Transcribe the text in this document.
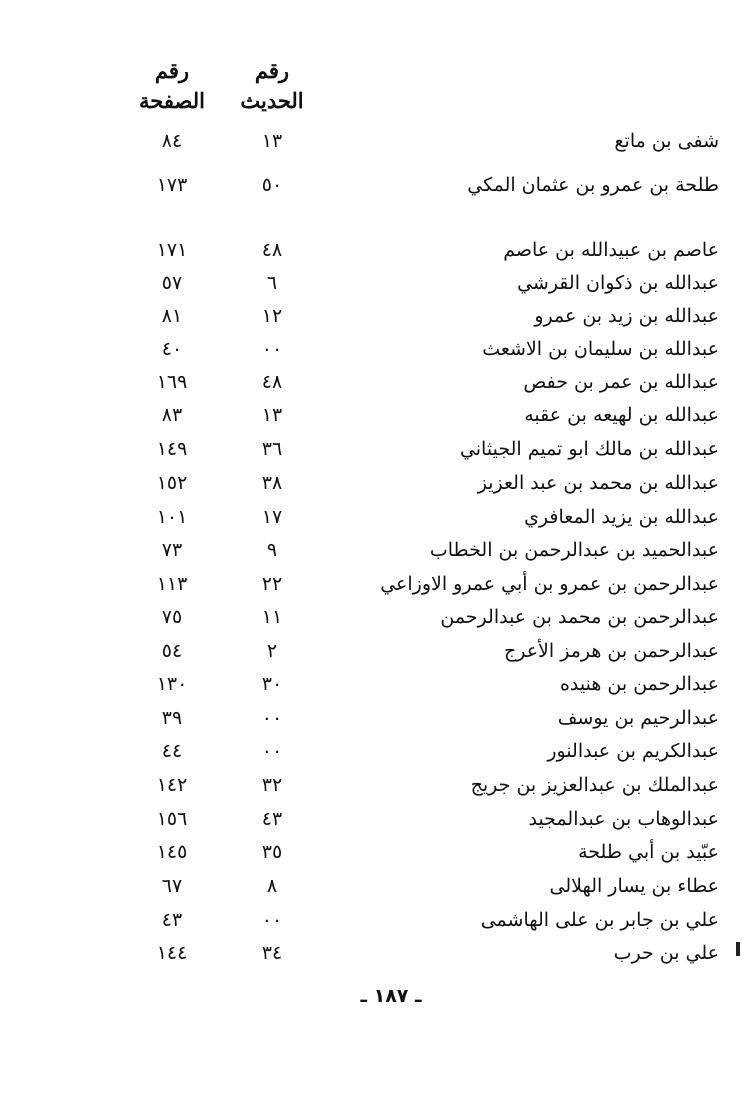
رقم
الحديث
رقم
الصفحة
شفى بن ماتع
١٣
٨٤
طلحة بن عمرو بن عثمان المكي
٥٠
١٧٣
عاصم بن عبيدالله بن عاصم
٤٨
١٧١
عبدالله بن ذكوان القرشي
٦
٥٧
عبدالله بن زيد بن عمرو
١٢
٨١
عبدالله بن سليمان بن الاشعث
٠٠
٤٠
عبدالله بن عمر بن حفص
٤٨
١٦٩
عبدالله بن لهيعه بن عقبه
١٣
٨٣
عبدالله بن مالك ابو تميم الجيثاني
٣٦
١٤٩
عبدالله بن محمد بن عبد العزيز
٣٨
١٥٢
عبدالله بن يزيد المعافري
١٧
١٠١
عبدالحميد بن عبدالرحمن بن الخطاب
٩
٧٣
عبدالرحمن بن عمرو بن أبي عمرو الاوزاعي
٢٢
١١٣
عبدالرحمن بن محمد بن عبدالرحمن
١١
٧٥
عبدالرحمن بن هرمز الأعرج
٢
٥٤
عبدالرحمن بن هنيده
٣٠
١٣٠
عبدالرحيم بن يوسف
٠٠
٣٩
عبدالكريم بن عبدالنور
٠٠
٤٤
عبدالملك بن عبدالعزيز بن جريج
٣٢
١٤٢
عبدالوهاب بن عبدالمجيد
٤٣
١٥٦
عبّيد بن أبي طلحة
٣٥
١٤٥
عطاء بن يسار الهلالى
٨
٦٧
علي بن جابر بن على الهاشمى
٠٠
٤٣
علي بن حرب
٣٤
١٤٤
ـ ١٨٧ ـ
